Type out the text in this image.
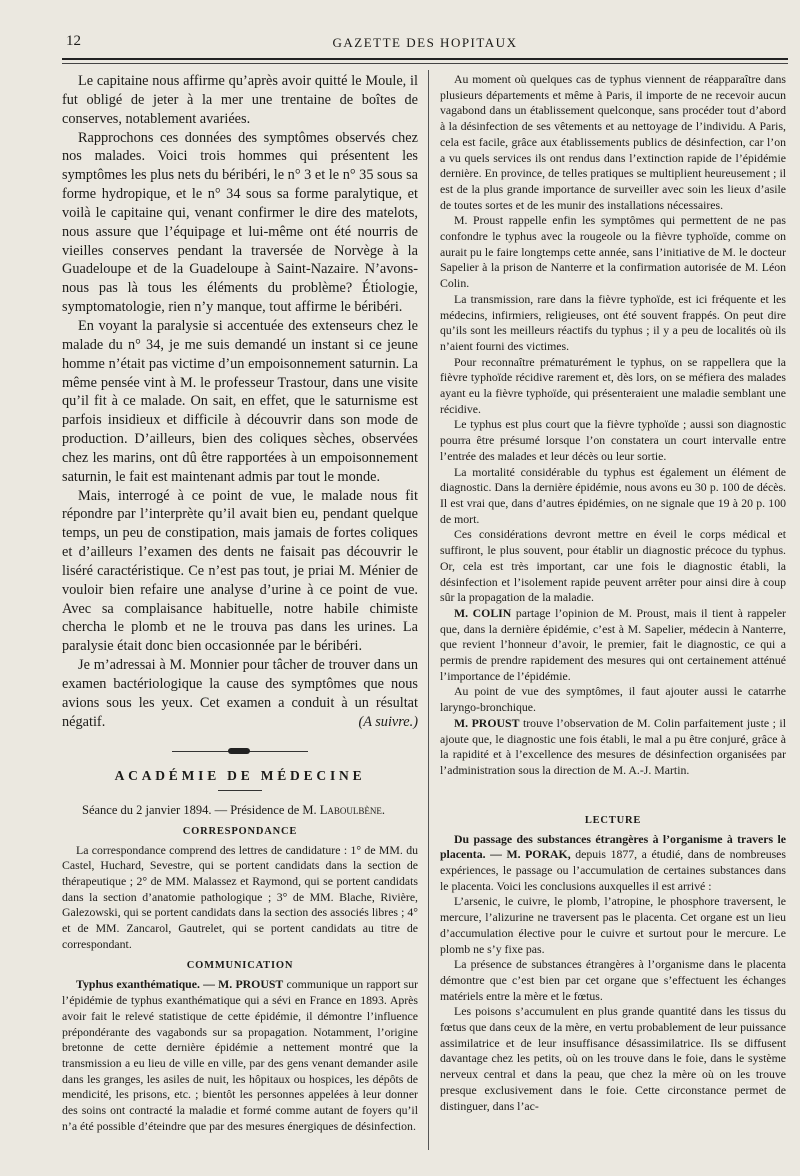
12	GAZETTE DES HOPITAUX

Le capitaine nous affirme qu’après avoir quitté le Moule, il fut obligé de jeter à la mer une trentaine de boîtes de conserves, notablement avariées.

Rapprochons ces données des symptômes observés chez nos malades. Voici trois hommes qui présentent les symptômes les plus nets du béribéri, le n° 3 et le n° 35 sous sa forme hydropique, et le n° 34 sous sa forme paralytique, et voilà le capitaine qui, venant confirmer le dire des matelots, nous assure que l’équipage et lui-même ont été nourris de vieilles conserves pendant la traversée de Norvège à la Guadeloupe et de la Guadeloupe à Saint-Nazaire. N’avons-nous pas là tous les éléments du problème? Étiologie, symptomatologie, rien n’y manque, tout affirme le béribéri.

En voyant la paralysie si accentuée des extenseurs chez le malade du n° 34, je me suis demandé un instant si ce jeune homme n’était pas victime d’un empoisonnement saturnin. La même pensée vint à M. le professeur Trastour, dans une visite qu’il fit à ce malade. On sait, en effet, que le saturnisme est parfois insidieux et difficile à découvrir dans son mode de production. D’ailleurs, bien des coliques sèches, observées chez les marins, ont dû être rapportées à un empoisonnement saturnin, le fait est maintenant admis par tout le monde.

Mais, interrogé à ce point de vue, le malade nous fit répondre par l’interprète qu’il avait bien eu, pendant quelque temps, un peu de constipation, mais jamais de fortes coliques et d’ailleurs l’examen des dents ne faisait pas découvrir le liséré caractéristique. Ce n’est pas tout, je priai M. Ménier de vouloir bien refaire une analyse d’urine à ce point de vue. Avec sa complaisance habituelle, notre habile chimiste chercha le plomb et ne le trouva pas dans les urines. La paralysie était donc bien occasionnée par le béribéri.

Je m’adressai à M. Monnier pour tâcher de trouver dans un examen bactériologique la cause des symptômes que nous avions sous les yeux. Cet examen a conduit à un résultat négatif.	(A suivre.)

ACADÉMIE DE MÉDECINE

Séance du 2 janvier 1894. — Présidence de M. Laboulbène.

CORRESPONDANCE

La correspondance comprend des lettres de candidature : 1° de MM. du Castel, Huchard, Sevestre, qui se portent candidats dans la section de thérapeutique ; 2° de MM. Malassez et Raymond, qui se portent candidats dans la section d’anatomie pathologique ; 3° de MM. Blache, Rivière, Galezowski, qui se portent candidats dans la section des associés libres ; 4° et de MM. Zancarol, Gautrelet, qui se portent candidats au titre de correspondant.

COMMUNICATION

Typhus exanthématique. — M. PROUST communique un rapport sur l’épidémie de typhus exanthématique qui a sévi en France en 1893. Après avoir fait le relevé statistique de cette épidémie, il démontre l’influence prépondérante des vagabonds sur sa propagation. Notamment, l’origine bretonne de cette dernière épidémie a nettement montré que la transmission a eu lieu de ville en ville, par des gens venant demander asile dans les granges, les asiles de nuit, les hôpitaux ou hospices, les dépôts de mendicité, les prisons, etc. ; bientôt les personnes appelées à leur donner des soins ont contracté la maladie et formé comme autant de foyers qu’il n’a été possible d’éteindre que par des mesures énergiques de désinfection.

Au moment où quelques cas de typhus viennent de réapparaître dans plusieurs départements et même à Paris, il importe de ne recevoir aucun vagabond dans un établissement quelconque, sans procéder tout d’abord à la désinfection de ses vêtements et au nettoyage de l’individu. A Paris, cela est facile, grâce aux établissements publics de désinfection, car l’on a vu quels services ils ont rendus dans l’extinction rapide de l’épidémie dernière. En province, de telles pratiques se multiplient heureusement ; il est de la plus grande importance de surveiller avec soin les lieux d’asile de toutes sortes et de les munir des installations nécessaires.

M. Proust rappelle enfin les symptômes qui permettent de ne pas confondre le typhus avec la rougeole ou la fièvre typhoïde, comme on aurait pu le faire longtemps cette année, sans l’initiative de M. le docteur Sapelier à la prison de Nanterre et la confirmation autorisée de M. Léon Colin.

La transmission, rare dans la fièvre typhoïde, est ici fréquente et les médecins, infirmiers, religieuses, ont été souvent frappés. On peut dire qu’ils sont les meilleurs réactifs du typhus ; il y a peu de localités où ils n’aient fourni des victimes.

Pour reconnaître prématurément le typhus, on se rappellera que la fièvre typhoïde récidive rarement et, dès lors, on se méfiera des malades ayant eu la fièvre typhoïde, qui présenteraient une maladie semblant une récidive.

Le typhus est plus court que la fièvre typhoïde ; aussi son diagnostic pourra être présumé lorsque l’on constatera un court intervalle entre l’entrée des malades et leur décès ou leur sortie.

La mortalité considérable du typhus est également un élément de diagnostic. Dans la dernière épidémie, nous avons eu 30 p. 100 de décès. Il est vrai que, dans d’autres épidémies, on ne signale que 19 à 20 p. 100 de mort.

Ces considérations devront mettre en éveil le corps médical et suffiront, le plus souvent, pour établir un diagnostic précoce du typhus. Or, cela est très important, car une fois le diagnostic établi, la désinfection et l’isolement rapide peuvent arrêter pour ainsi dire à coup sûr la propagation de la maladie.

M. COLIN partage l’opinion de M. Proust, mais il tient à rappeler que, dans la dernière épidémie, c’est à M. Sapelier, médecin à Nanterre, que revient l’honneur d’avoir, le premier, fait le diagnostic, ce qui a permis de prendre rapidement des mesures qui ont certainement atténué l’importance de l’épidémie.

Au point de vue des symptômes, il faut ajouter aussi le catarrhe laryngo-bronchique.

M. PROUST trouve l’observation de M. Colin parfaitement juste ; il ajoute que, le diagnostic une fois établi, le mal a pu être conjuré, grâce à la rapidité et à l’excellence des mesures de désinfection organisées par l’administration sous la direction de M. A.-J. Martin.

LECTURE

Du passage des substances étrangères à l’organisme à travers le placenta. — M. PORAK, depuis 1877, a étudié, dans de nombreuses expériences, le passage ou l’accumulation de certaines substances dans le placenta. Voici les conclusions auxquelles il est arrivé :

L’arsenic, le cuivre, le plomb, l’atropine, le phosphore traversent, le mercure, l’alizurine ne traversent pas le placenta. Cet organe est un lieu d’accumulation élective pour le cuivre et surtout pour le mercure. Le plomb ne s’y fixe pas.

La présence de substances étrangères à l’organisme dans le placenta démontre que c’est bien par cet organe que s’effectuent les échanges matériels entre la mère et le fœtus.

Les poisons s’accumulent en plus grande quantité dans les tissus du fœtus que dans ceux de la mère, en vertu probablement de leur puissance assimilatrice et de leur insuffisance désassimilatrice. Ils se diffusent davantage chez les petits, où on les trouve dans le foie, dans le système nerveux central et dans la peau, que chez la mère où on les trouve presque exclusivement dans le foie. Cette circonstance permet de distinguer, dans l’ac-
